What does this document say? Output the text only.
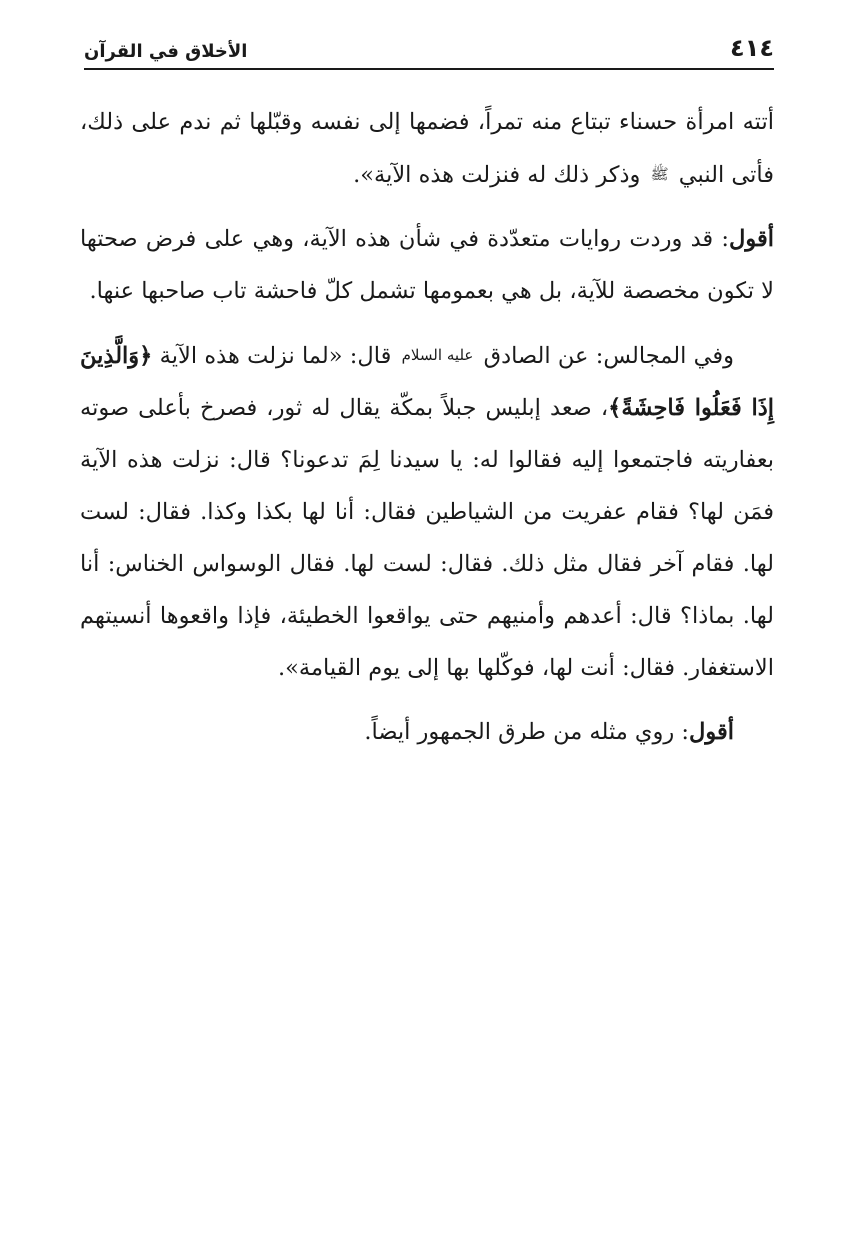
٤١٤
الأخلاق في القرآن

أتته امرأة حسناء تبتاع منه تمراً، فضمها إلى نفسه وقبّلها ثم ندم على ذلك، فأتى النبي ﷺ وذكر ذلك له فنزلت هذه الآية».

أقول: قد وردت روايات متعدّدة في شأن هذه الآية، وهي على فرض صحتها لا تكون مخصصة للآية، بل هي بعمومها تشمل كلّ فاحشة تاب صاحبها عنها.

وفي المجالس: عن الصادق عليه السلام قال: «لما نزلت هذه الآية ﴿وَالَّذِينَ إِذَا فَعَلُوا فَاحِشَةً﴾، صعد إبليس جبلاً بمكّة يقال له ثور، فصرخ بأعلى صوته بعفاريته فاجتمعوا إليه فقالوا له: يا سيدنا لِمَ تدعونا؟ قال: نزلت هذه الآية فمَن لها؟ فقام عفريت من الشياطين فقال: أنا لها بكذا وكذا. فقال: لست لها. فقام آخر فقال مثل ذلك. فقال: لست لها. فقال الوسواس الخناس: أنا لها. بماذا؟ قال: أعدهم وأمنيهم حتى يواقعوا الخطيئة، فإذا واقعوها أنسيتهم الاستغفار. فقال: أنت لها، فوكّلها بها إلى يوم القيامة».

أقول: روي مثله من طرق الجمهور أيضاً.
